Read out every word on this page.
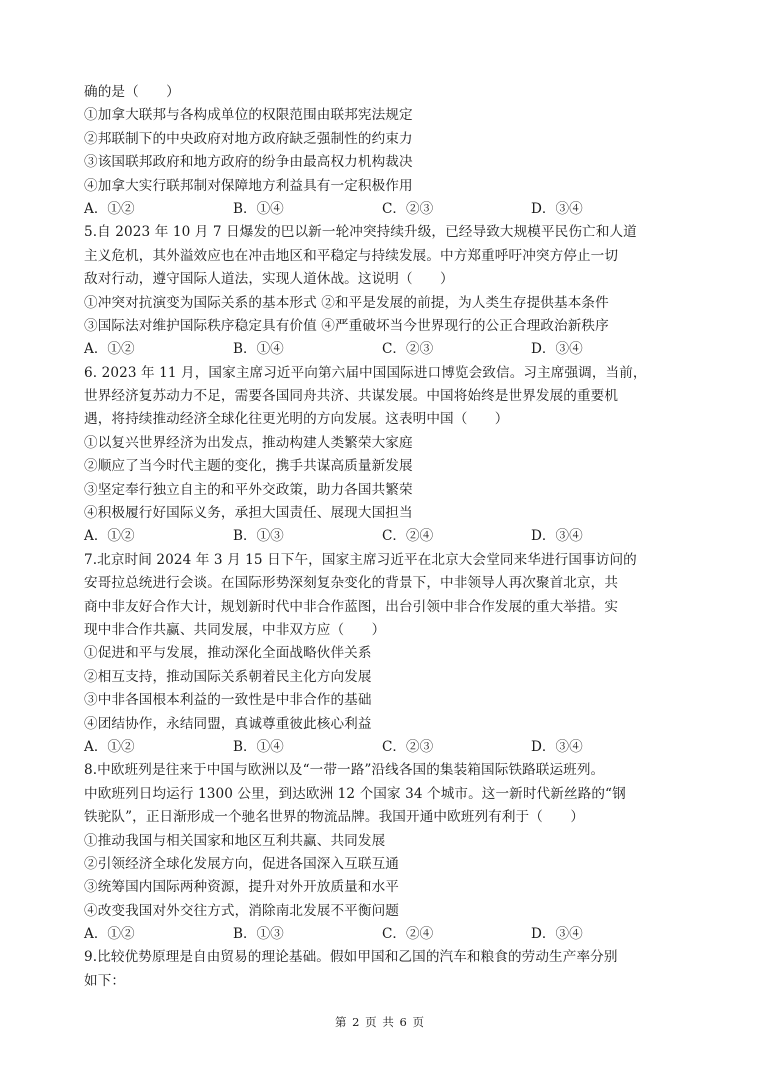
确的是（　　）
①加拿大联邦与各构成单位的权限范围由联邦宪法规定
②邦联制下的中央政府对地方政府缺乏强制性的约束力
③该国联邦政府和地方政府的纷争由最高权力机构裁决
④加拿大实行联邦制对保障地方利益具有一定积极作用
A．①②	B．①④	C．②③	D．③④
5.自 2023 年 10 月 7 日爆发的巴以新一轮冲突持续升级，已经导致大规模平民伤亡和人道
主义危机，其外溢效应也在冲击地区和平稳定与持续发展。中方郑重呼吁冲突方停止一切
敌对行动，遵守国际人道法，实现人道休战。这说明（　　）
①冲突对抗演变为国际关系的基本形式 ②和平是发展的前提，为人类生存提供基本条件
③国际法对维护国际秩序稳定具有价值 ④严重破坏当今世界现行的公正合理政治新秩序
A．①②	B．①④	C．②③	D．③④
6. 2023 年 11 月，国家主席习近平向第六届中国国际进口博览会致信。习主席强调，当前，
世界经济复苏动力不足，需要各国同舟共济、共谋发展。中国将始终是世界发展的重要机
遇，将持续推动经济全球化往更光明的方向发展。这表明中国（　　）
①以复兴世界经济为出发点，推动构建人类繁荣大家庭
②顺应了当今时代主题的变化，携手共谋高质量新发展
③坚定奉行独立自主的和平外交政策，助力各国共繁荣
④积极履行好国际义务，承担大国责任、展现大国担当
A．①②	B．①③	C．②④	D．③④
7.北京时间 2024 年 3 月 15 日下午，国家主席习近平在北京大会堂同来华进行国事访问的
安哥拉总统进行会谈。在国际形势深刻复杂变化的背景下，中非领导人再次聚首北京，共
商中非友好合作大计，规划新时代中非合作蓝图，出台引领中非合作发展的重大举措。实
现中非合作共赢、共同发展，中非双方应（　　）
①促进和平与发展，推动深化全面战略伙伴关系
②相互支持，推动国际关系朝着民主化方向发展
③中非各国根本利益的一致性是中非合作的基础
④团结协作，永结同盟，真诚尊重彼此核心利益
A．①②	B．①④	C．②③	D．③④
8.中欧班列是往来于中国与欧洲以及“一带一路”沿线各国的集装箱国际铁路联运班列。
中欧班列日均运行 1300 公里，到达欧洲 12 个国家 34 个城市。这一新时代新丝路的“钢
铁驼队”，正日渐形成一个驰名世界的物流品牌。我国开通中欧班列有利于（　　）
①推动我国与相关国家和地区互利共赢、共同发展
②引领经济全球化发展方向，促进各国深入互联互通
③统筹国内国际两种资源，提升对外开放质量和水平
④改变我国对外交往方式，消除南北发展不平衡问题
A．①②	B．①③	C．②④	D．③④
9.比较优势原理是自由贸易的理论基础。假如甲国和乙国的汽车和粮食的劳动生产率分别
如下：
第 2 页 共 6 页
